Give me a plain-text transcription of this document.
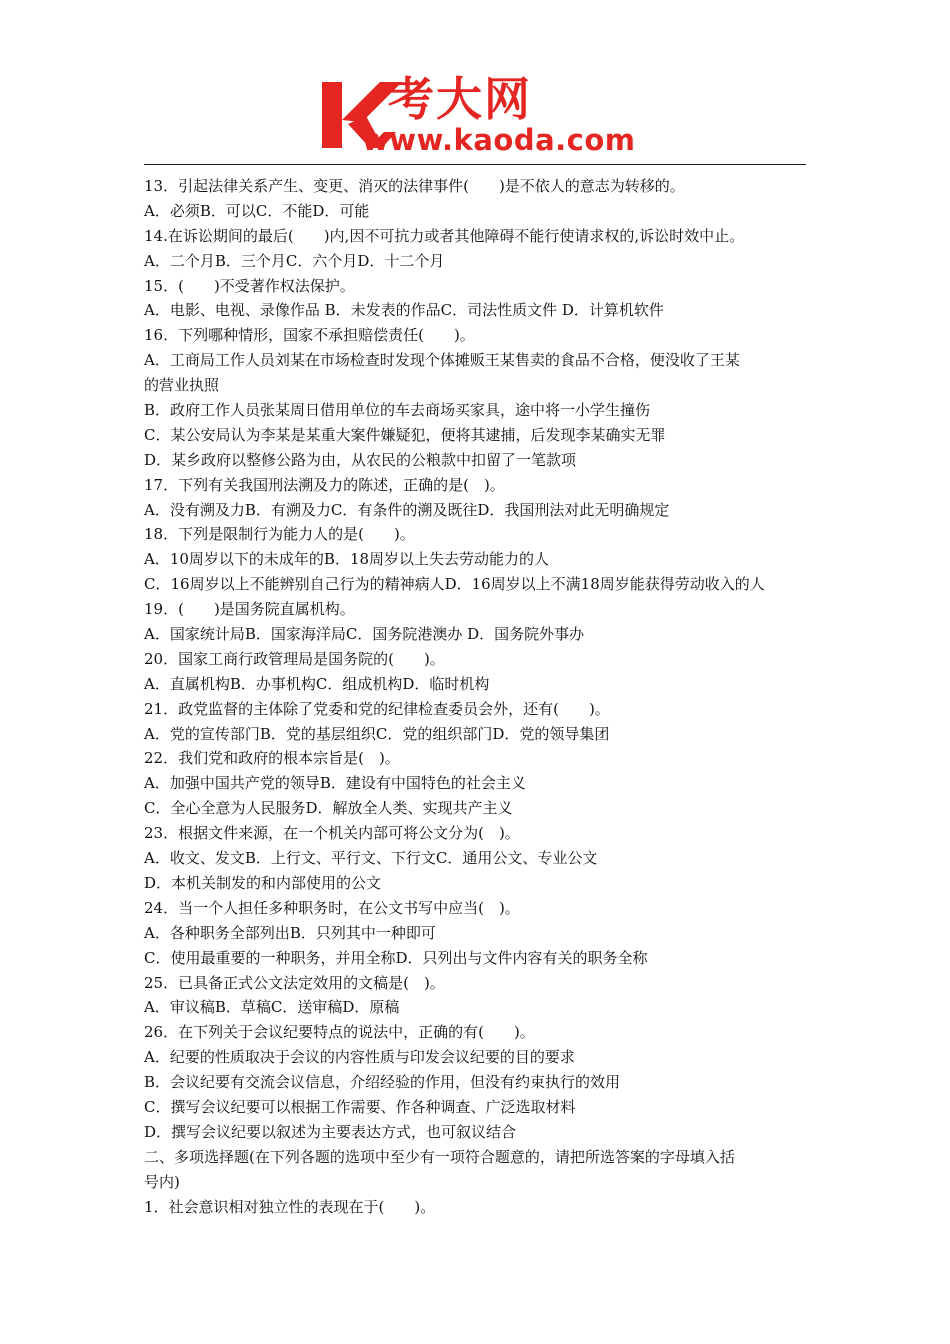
考大网
www.kaoda.com
13．引起法律关系产生、变更、消灭的法律事件(　　)是不依人的意志为转移的。
A．必须B．可以C．不能D．可能
14.在诉讼期间的最后(　　)内,因不可抗力或者其他障碍不能行使请求权的,诉讼时效中止。
A．二个月B．三个月C．六个月D．十二个月
15．(　　)不受著作权法保护。
A．电影、电视、录像作品 B．未发表的作品C．司法性质文件 D．计算机软件
16．下列哪种情形，国家不承担赔偿责任(　　)。
A．工商局工作人员刘某在市场检查时发现个体摊贩王某售卖的食品不合格，便没收了王某
的营业执照
B．政府工作人员张某周日借用单位的车去商场买家具，途中将一小学生撞伤
C．某公安局认为李某是某重大案件嫌疑犯，便将其逮捕，后发现李某确实无罪
D．某乡政府以整修公路为由，从农民的公粮款中扣留了一笔款项
17．下列有关我国刑法溯及力的陈述，正确的是(　)。
A．没有溯及力B．有溯及力C．有条件的溯及既往D．我国刑法对此无明确规定
18．下列是限制行为能力人的是(　　)。
A．10周岁以下的未成年的B．18周岁以上失去劳动能力的人
C．16周岁以上不能辨别自己行为的精神病人D．16周岁以上不满18周岁能获得劳动收入的人
19．(　　)是国务院直属机构。
A．国家统计局B．国家海洋局C．国务院港澳办 D．国务院外事办
20．国家工商行政管理局是国务院的(　　)。
A．直属机构B．办事机构C．组成机构D．临时机构
21．政党监督的主体除了党委和党的纪律检查委员会外，还有(　　)。
A．党的宣传部门B．党的基层组织C．党的组织部门D．党的领导集团
22．我们党和政府的根本宗旨是(　)。
A．加强中国共产党的领导B．建设有中国特色的社会主义
C．全心全意为人民服务D．解放全人类、实现共产主义
23．根据文件来源，在一个机关内部可将公文分为(　)。
A．收文、发文B．上行文、平行文、下行文C．通用公文、专业公文
D．本机关制发的和内部使用的公文
24．当一个人担任多种职务时，在公文书写中应当(　)。
A．各种职务全部列出B．只列其中一种即可
C．使用最重要的一种职务，并用全称D．只列出与文件内容有关的职务全称
25．已具备正式公文法定效用的文稿是(　)。
A．审议稿B．草稿C．送审稿D．原稿
26．在下列关于会议纪要特点的说法中，正确的有(　　)。
A．纪要的性质取决于会议的内容性质与印发会议纪要的目的要求
B．会议纪要有交流会议信息，介绍经验的作用，但没有约束执行的效用
C．撰写会议纪要可以根据工作需要、作各种调查、广泛选取材料
D．撰写会议纪要以叙述为主要表达方式，也可叙议结合
二、多项选择题(在下列各题的选项中至少有一项符合题意的，请把所选答案的字母填入括
号内)
1．社会意识相对独立性的表现在于(　　)。
